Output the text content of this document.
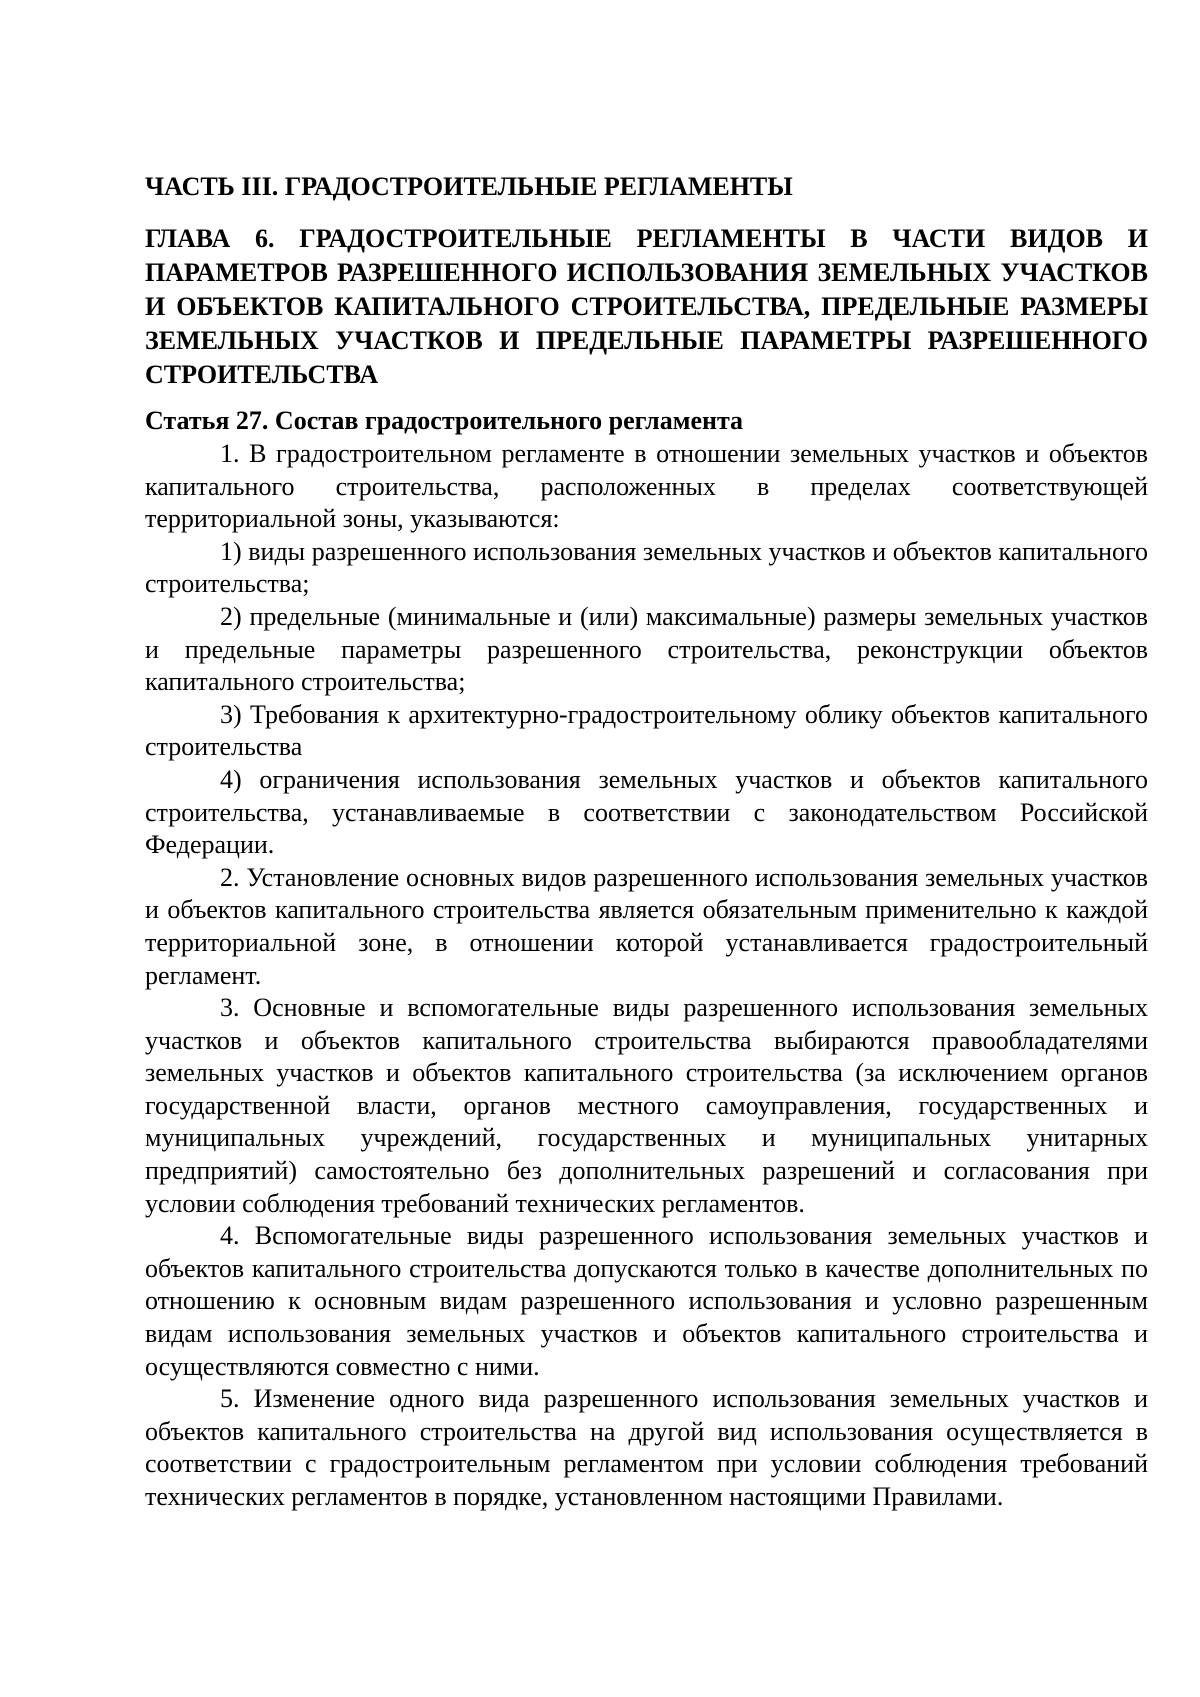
ЧАСТЬ III. ГРАДОСТРОИТЕЛЬНЫЕ РЕГЛАМЕНТЫ
ГЛАВА 6. ГРАДОСТРОИТЕЛЬНЫЕ РЕГЛАМЕНТЫ В ЧАСТИ ВИДОВ И ПАРАМЕТРОВ РАЗРЕШЕННОГО ИСПОЛЬЗОВАНИЯ ЗЕМЕЛЬНЫХ УЧАСТКОВ И ОБЪЕКТОВ КАПИТАЛЬНОГО СТРОИТЕЛЬСТВА, ПРЕДЕЛЬНЫЕ РАЗМЕРЫ ЗЕМЕЛЬНЫХ УЧАСТКОВ И ПРЕДЕЛЬНЫЕ ПАРАМЕТРЫ РАЗРЕШЕННОГО СТРОИТЕЛЬСТВА
Статья 27. Состав градостроительного регламента

1. В градостроительном регламенте в отношении земельных участков и объектов капитального строительства, расположенных в пределах соответствующей территориальной зоны, указываются:

1) виды разрешенного использования земельных участков и объектов капитального строительства;

2) предельные (минимальные и (или) максимальные) размеры земельных участков и предельные параметры разрешенного строительства, реконструкции объектов капитального строительства;

3) Требования к архитектурно-градостроительному облику объектов капитального строительства

4) ограничения использования земельных участков и объектов капитального строительства, устанавливаемые в соответствии с законодательством Российской Федерации.

2. Установление основных видов разрешенного использования земельных участков и объектов капитального строительства является обязательным применительно к каждой территориальной зоне, в отношении которой устанавливается градостроительный регламент.

3. Основные и вспомогательные виды разрешенного использования земельных участков и объектов капитального строительства выбираются правообладателями земельных участков и объектов капитального строительства (за исключением органов государственной власти, органов местного самоуправления, государственных и муниципальных учреждений, государственных и муниципальных унитарных предприятий) самостоятельно без дополнительных разрешений и согласования при условии соблюдения требований технических регламентов.

4. Вспомогательные виды разрешенного использования земельных участков и объектов капитального строительства допускаются только в качестве дополнительных по отношению к основным видам разрешенного использования и условно разрешенным видам использования земельных участков и объектов капитального строительства и осуществляются совместно с ними.

5. Изменение одного вида разрешенного использования земельных участков и объектов капитального строительства на другой вид использования осуществляется в соответствии с градостроительным регламентом при условии соблюдения требований технических регламентов в порядке, установленном настоящими Правилами.
